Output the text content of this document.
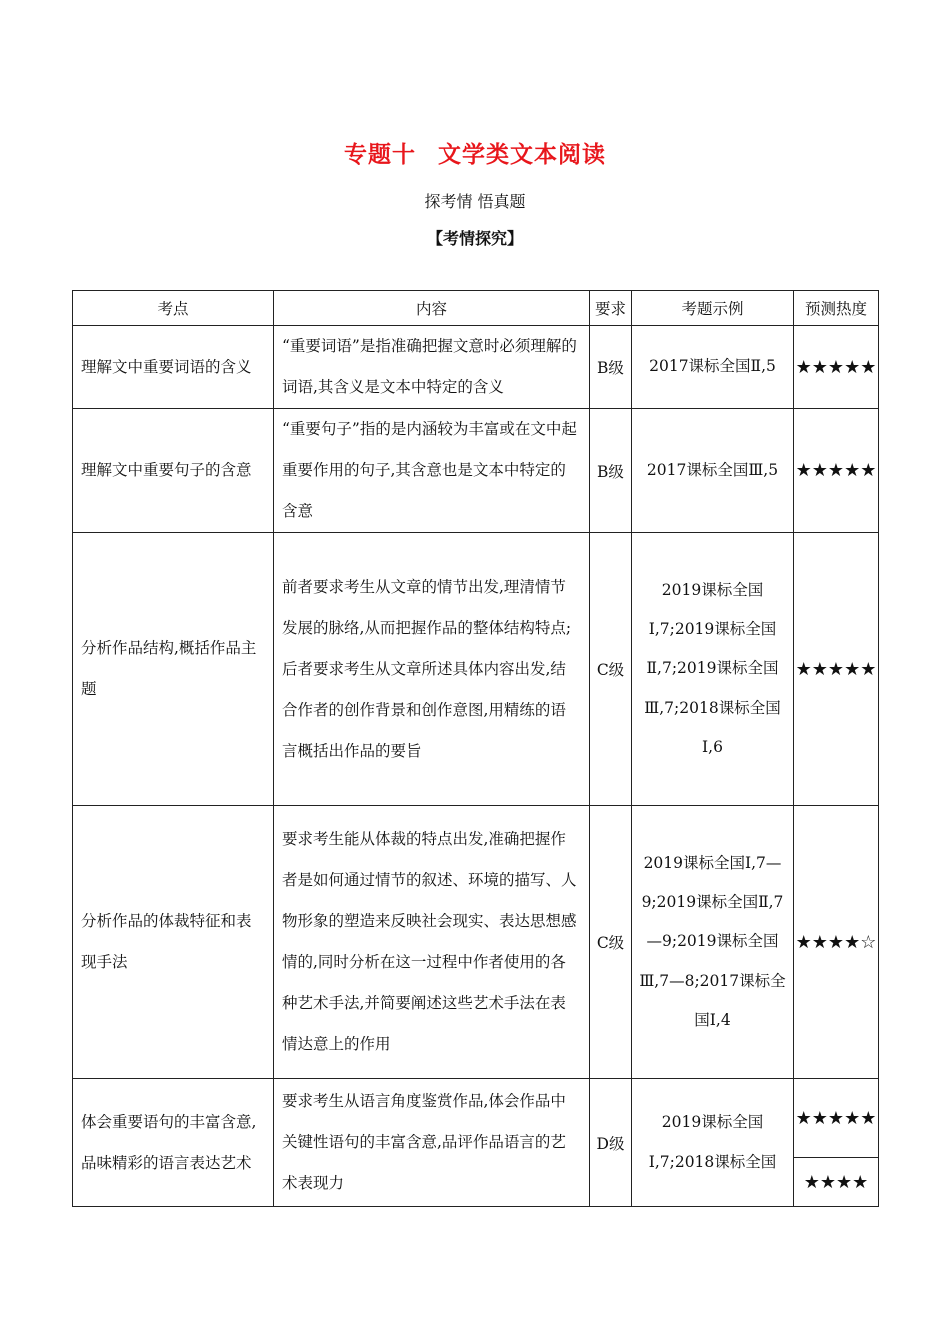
专题十 文学类文本阅读
探考情 悟真题
【考情探究】
考点	内容	要求	考题示例	预测热度
理解文中重要词语的含义	“重要词语”是指准确把握文意时必须理解的词语,其含义是文本中特定的含义	B级	2017课标全国Ⅱ,5	★★★★★
理解文中重要句子的含意	“重要句子”指的是内涵较为丰富或在文中起重要作用的句子,其含意也是文本中特定的含意	B级	2017课标全国Ⅲ,5	★★★★★
分析作品结构,概括作品主题	前者要求考生从文章的情节出发,理清情节发展的脉络,从而把握作品的整体结构特点;后者要求考生从文章所述具体内容出发,结合作者的创作背景和创作意图,用精练的语言概括出作品的要旨	C级	2019课标全国Ⅰ,7;2019课标全国Ⅱ,7;2019课标全国Ⅲ,7;2018课标全国Ⅰ,6	★★★★★
分析作品的体裁特征和表现手法	要求考生能从体裁的特点出发,准确把握作者是如何通过情节的叙述、环境的描写、人物形象的塑造来反映社会现实、表达思想感情的,同时分析在这一过程中作者使用的各种艺术手法,并简要阐述这些艺术手法在表情达意上的作用	C级	2019课标全国Ⅰ,7—9;2019课标全国Ⅱ,7—9;2019课标全国Ⅲ,7—8;2017课标全国Ⅰ,4	★★★★☆
体会重要语句的丰富含意,品味精彩的语言表达艺术	要求考生从语言角度鉴赏作品,体会作品中关键性语句的丰富含意,品评作品语言的艺术表现力	D级	2019课标全国Ⅰ,7;2018课标全国	★★★★★
★★★★
